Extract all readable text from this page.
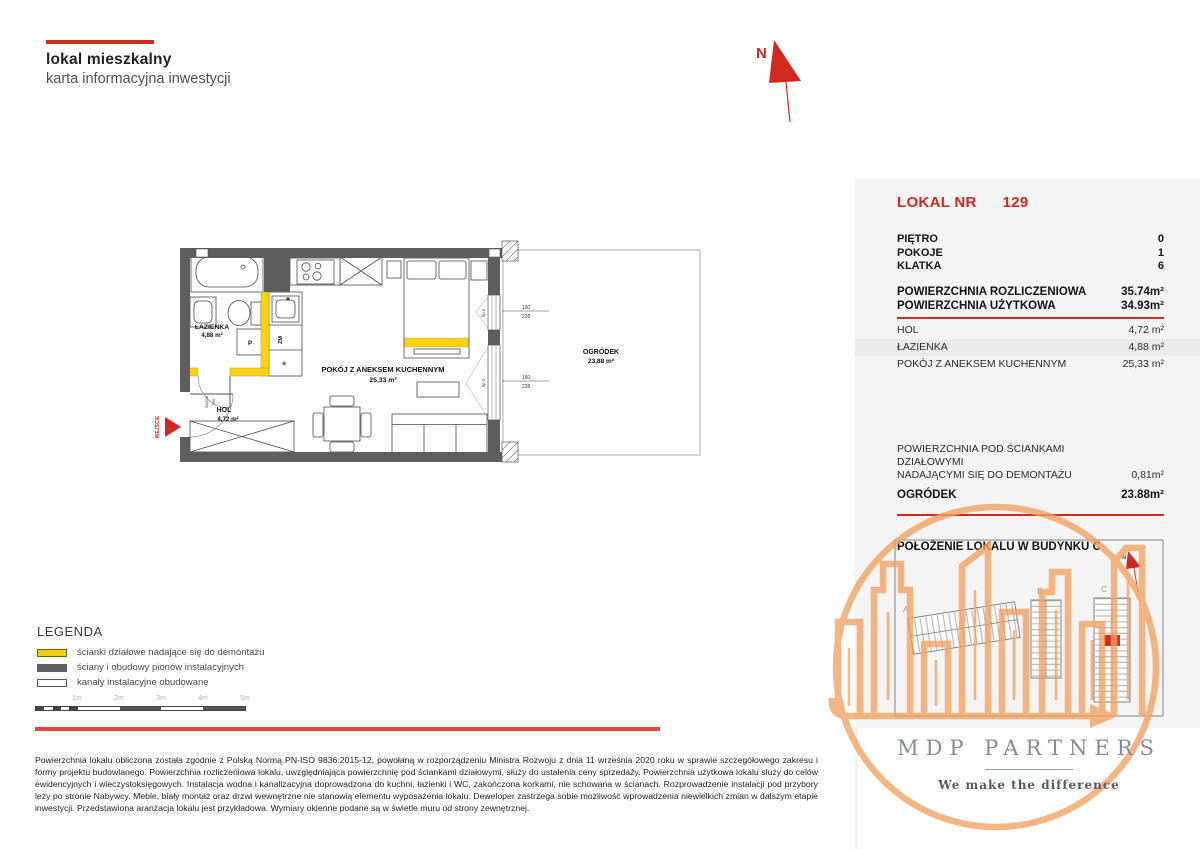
lokal mieszkalny
karta informacyjna inwestycji
N
OGRÓDEK
23,88 m²
100
228
160
228
hp 0
hp 0
90/200 210
ŁAZIENKA
4,88 m²
HOL
4,72 m²
POKÓJ Z ANEKSEM KUCHENNYM
25,33 m²
P
ZM
✳
WEJŚCIE
LOKAL NR 129
PIĘTRO	0
POKOJE	1
KLATKA	6
POWIERZCHNIA ROZLICZENIOWA	35.74m²
POWIERZCHNIA UŻYTKOWA	34.93m²
HOL	4,72 m²
ŁAZIENKA	4,88 m²
POKÓJ Z ANEKSEM KUCHENNYM	25,33 m²
POWIERZCHNIA POD ŚCIANKAMI DZIAŁOWYMI
NADAJĄCYMI SIĘ DO DEMONTAŻU	0,81m²
OGRÓDEK	23.88m²
POŁOŻENIE LOKALU W BUDYNKU C
A
B	C
N
LEGENDA
ścianki działowe nadające się do demontażu
ściany i obudowy pionów instalacyjnych
kanały instalacyjne obudowane
1m	2m	3m	4m	5m
Powierzchnia lokalu obliczona została zgodnie z Polską Normą PN-ISO 9836:2015-12, powołaną w rozporządzeniu Ministra Rozwoju z dnia 11 września 2020 roku w sprawie szczegółowego zakresu i formy projektu budowlanego. Powierzchnia rozliczeniowa lokalu, uwzględniająca powierzchnię pod ściankami działowymi, służy do ustalenia ceny sprzedaży. Powierzchnia użytkowa lokalu służy do celów ewidencyjnych i wieczystoksięgowych. Instalacja wodna i kanalizacyjna doprowadzona do kuchni, łazienki i WC, zakończona korkami, nie schowana w ścianach. Rozprowadzenie instalacji pod przybory leży po stronie Nabywcy. Meble, biały montaż oraz drzwi wewnętrzne nie stanowią elementu wyposażenia lokalu. Deweloper zastrzega sobie możliwość wprowadzenia niewielkich zmian w dalszym etapie inwestycji. Przedstawiona aranżacja lokalu jest przykładowa. Wymiary okienne podane są w świetle muru od strony zewnętrznej.
MDP PARTNERS
We make the difference
